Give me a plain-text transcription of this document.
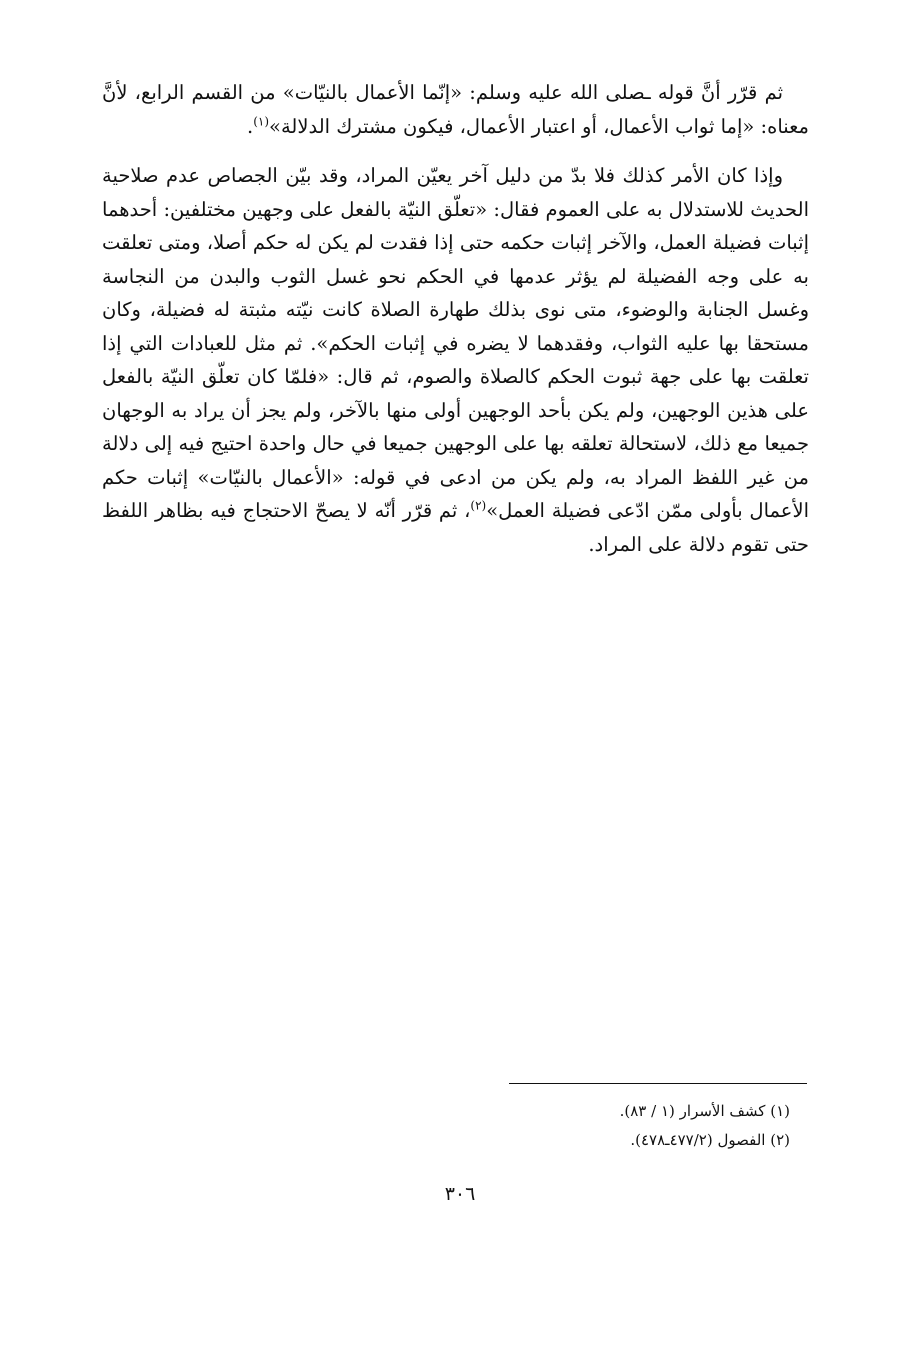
ثم قرّر أنَّ قوله ـصلى الله عليه وسلم: «إنّما الأعمال بالنيّات» من القسم الرابع، لأنَّ معناه: «إما ثواب الأعمال، أو اعتبار الأعمال، فيكون مشترك الدلالة»$^{(١)}$.

وإذا كان الأمر كذلك فلا بدّ من دليل آخر يعيّن المراد، وقد بيّن الجصاص عدم صلاحية الحديث للاستدلال به على العموم فقال: «تعلّق النيّة بالفعل على وجهين مختلفين: أحدهما إثبات فضيلة العمل، والآخر إثبات حكمه حتى إذا فقدت لم يكن له حكم أصلا، ومتى تعلقت به على وجه الفضيلة لم يؤثر عدمها في الحكم نحو غسل الثوب والبدن من النجاسة وغسل الجنابة والوضوء، متى نوى بذلك طهارة الصلاة كانت نيّته مثبتة له فضيلة، وكان مستحقا بها عليه الثواب، وفقدهما لا يضره في إثبات الحكم». ثم مثل للعبادات التي إذا تعلقت بها على جهة ثبوت الحكم كالصلاة والصوم، ثم قال: «فلمّا كان تعلّق النيّة بالفعل على هذين الوجهين، ولم يكن بأحد الوجهين أولى منها بالآخر، ولم يجز أن يراد به الوجهان جميعا مع ذلك، لاستحالة تعلقه بها على الوجهين جميعا في حال واحدة احتيج فيه إلى دلالة من غير اللفظ المراد به، ولم يكن من ادعى في قوله: «الأعمال بالنيّات» إثبات حكم الأعمال بأولى ممّن ادّعى فضيلة العمل»$^{(٢)}$، ثم قرّر أنّه لا يصحّ الاحتجاج فيه بظاهر اللفظ حتى تقوم دلالة على المراد.

(١) كشف الأسرار (١ / ٨٣).

(٢) الفصول (٤٧٧/٢ـ٤٧٨).

٣٠٦
